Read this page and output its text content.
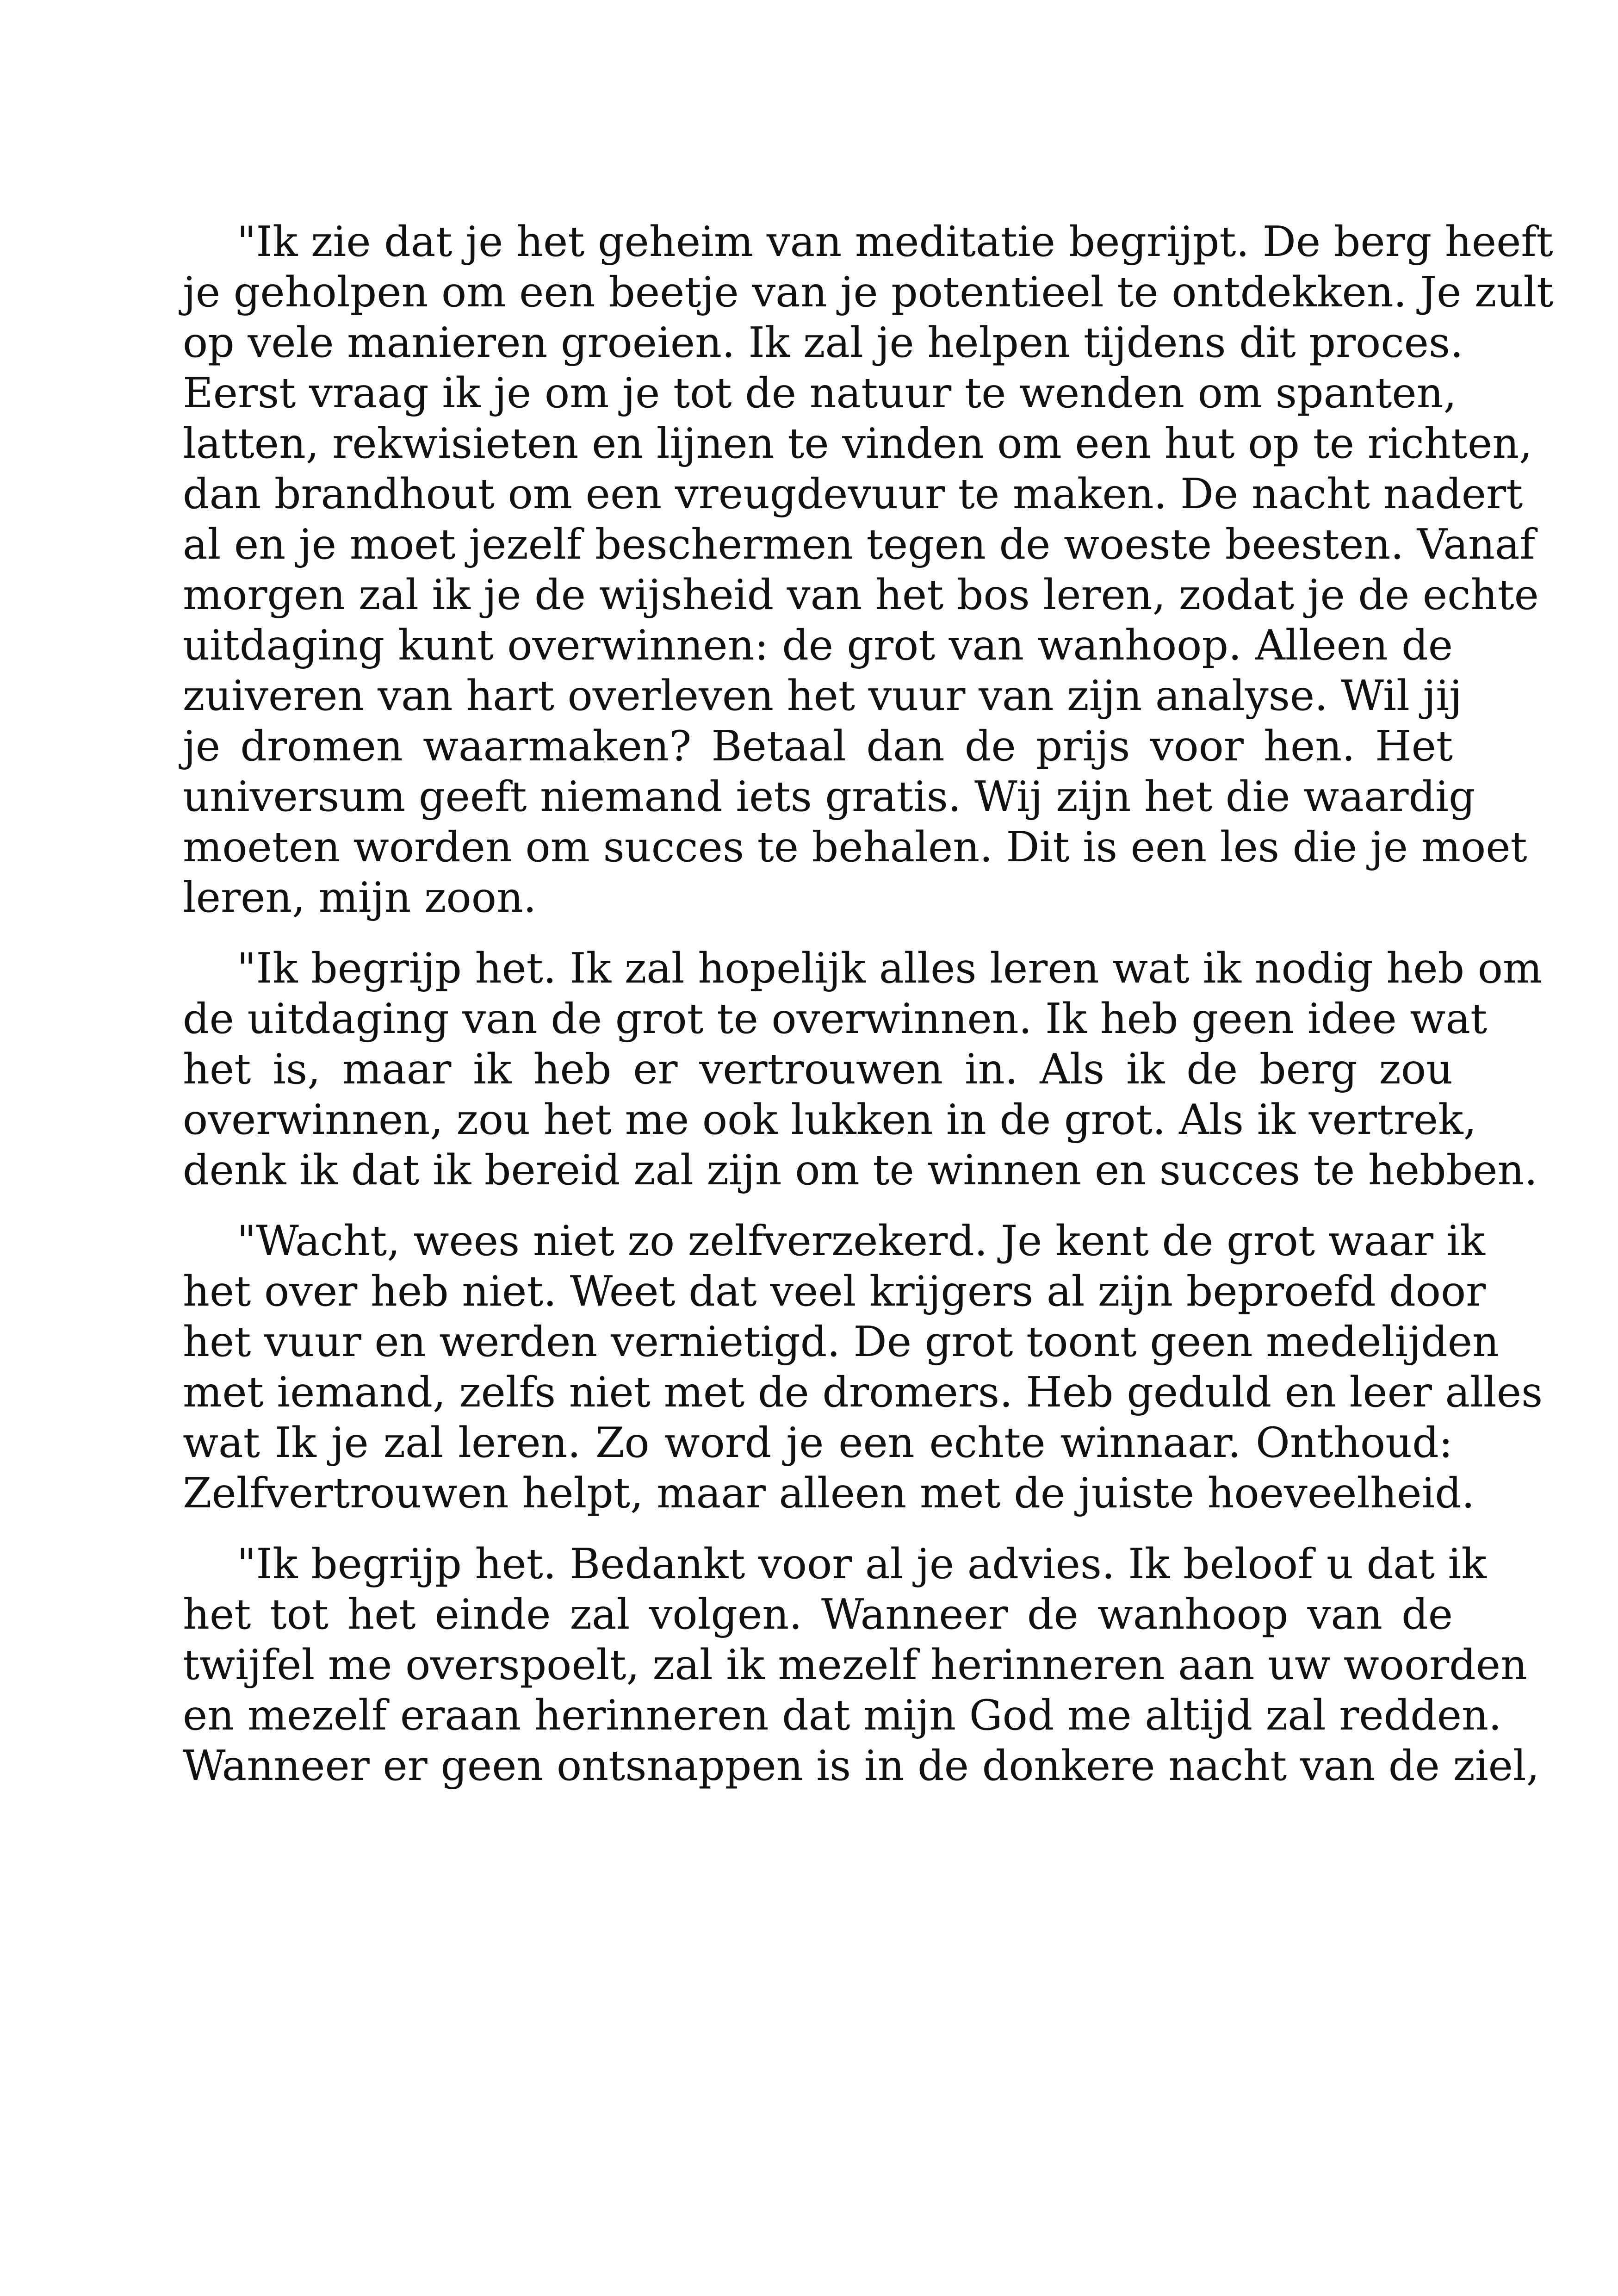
"Ik zie dat je het geheim van meditatie begrijpt. De berg heeft
je geholpen om een beetje van je potentieel te ontdekken. Je zult
op vele manieren groeien. Ik zal je helpen tijdens dit proces.
Eerst vraag ik je om je tot de natuur te wenden om spanten,
latten, rekwisieten en lijnen te vinden om een hut op te richten,
dan brandhout om een vreugdevuur te maken. De nacht nadert
al en je moet jezelf beschermen tegen de woeste beesten. Vanaf
morgen zal ik je de wijsheid van het bos leren, zodat je de echte
uitdaging kunt overwinnen: de grot van wanhoop. Alleen de
zuiveren van hart overleven het vuur van zijn analyse. Wil jij
je dromen waarmaken? Betaal dan de prijs voor hen. Het
universum geeft niemand iets gratis. Wij zijn het die waardig
moeten worden om succes te behalen. Dit is een les die je moet
leren, mijn zoon.

"Ik begrijp het. Ik zal hopelijk alles leren wat ik nodig heb om
de uitdaging van de grot te overwinnen. Ik heb geen idee wat
het is, maar ik heb er vertrouwen in. Als ik de berg zou
overwinnen, zou het me ook lukken in de grot. Als ik vertrek,
denk ik dat ik bereid zal zijn om te winnen en succes te hebben.

"Wacht, wees niet zo zelfverzekerd. Je kent de grot waar ik
het over heb niet. Weet dat veel krijgers al zijn beproefd door
het vuur en werden vernietigd. De grot toont geen medelijden
met iemand, zelfs niet met de dromers. Heb geduld en leer alles
wat Ik je zal leren. Zo word je een echte winnaar. Onthoud:
Zelfvertrouwen helpt, maar alleen met de juiste hoeveelheid.

"Ik begrijp het. Bedankt voor al je advies. Ik beloof u dat ik
het tot het einde zal volgen. Wanneer de wanhoop van de
twijfel me overspoelt, zal ik mezelf herinneren aan uw woorden
en mezelf eraan herinneren dat mijn God me altijd zal redden.
Wanneer er geen ontsnappen is in de donkere nacht van de ziel,
